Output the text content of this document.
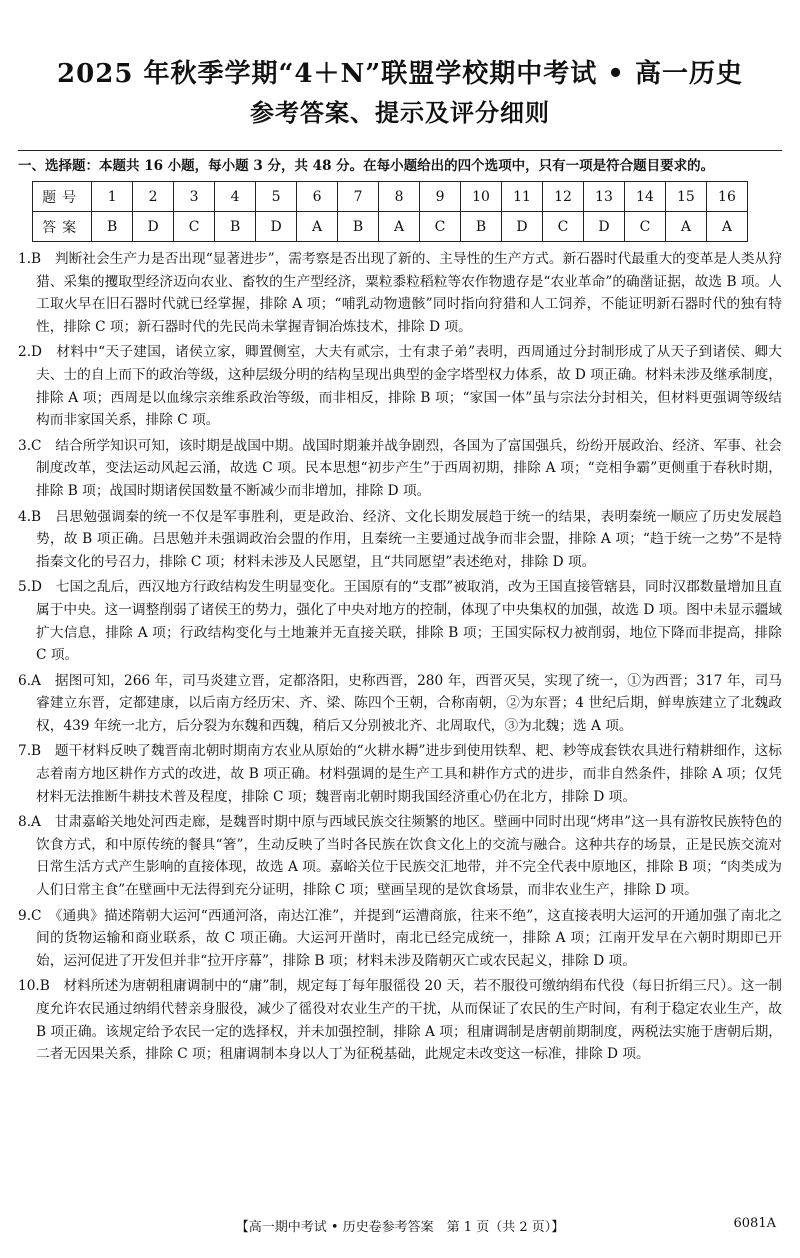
2025 年秋季学期“4＋N”联盟学校期中考试 • 高一历史
参考答案、提示及评分细则
一、选择题：本题共 16 小题，每小题 3 分，共 48 分。在每小题给出的四个选项中，只有一项是符合题目要求的。
题号	1	2	3	4	5	6	7	8	9	10	11	12	13	14	15	16
答案	B	D	C	B	D	A	B	A	C	B	D	C	D	C	A	A
1.B　 判断社会生产力是否出现“显著进步”，需考察是否出现了新的、主导性的生产方式。新石器时代最重大的变革是人类从狩猎、采集的攫取型经济迈向农业、畜牧的生产型经济，粟粒黍粒稻粒等农作物遗存是“农业革命”的确凿证据，故选 B 项。人工取火早在旧石器时代就已经掌握，排除 A 项；“哺乳动物遗骸”同时指向狩猎和人工饲养，不能证明新石器时代的独有特性，排除 C 项；新石器时代的先民尚未掌握青铜冶炼技术，排除 D 项。
2.D　 材料中“天子建国，诸侯立家，卿置侧室，大夫有贰宗，士有隶子弟”表明，西周通过分封制形成了从天子到诸侯、卿大夫、士的自上而下的政治等级，这种层级分明的结构呈现出典型的金字塔型权力体系，故 D 项正确。材料未涉及继承制度，排除 A 项；西周是以血缘宗亲维系政治等级，而非相反，排除 B 项；“家国一体”虽与宗法分封相关，但材料更强调等级结构而非家国关系，排除 C 项。
3.C　 结合所学知识可知，该时期是战国中期。战国时期兼并战争剧烈，各国为了富国强兵，纷纷开展政治、经济、军事、社会制度改革，变法运动风起云涌，故选 C 项。民本思想“初步产生”于西周初期，排除 A 项；“竞相争霸”更侧重于春秋时期，排除 B 项；战国时期诸侯国数量不断减少而非增加，排除 D 项。
4.B　 吕思勉强调秦的统一不仅是军事胜利，更是政治、经济、文化长期发展趋于统一的结果，表明秦统一顺应了历史发展趋势，故 B 项正确。吕思勉并未强调政治会盟的作用，且秦统一主要通过战争而非会盟，排除 A 项；“趋于统一之势”不是特指秦文化的号召力，排除 C 项；材料未涉及人民愿望，且“共同愿望”表述绝对，排除 D 项。
5.D　 七国之乱后，西汉地方行政结构发生明显变化。王国原有的“支郡”被取消，改为王国直接管辖县，同时汉郡数量增加且直属于中央。这一调整削弱了诸侯王的势力，强化了中央对地方的控制，体现了中央集权的加强，故选 D 项。图中未显示疆域扩大信息，排除 A 项；行政结构变化与土地兼并无直接关联，排除 B 项；王国实际权力被削弱，地位下降而非提高，排除 C 项。
6.A　 据图可知，266 年，司马炎建立晋，定都洛阳，史称西晋，280 年，西晋灭吴，实现了统一，①为西晋；317 年，司马睿建立东晋，定都建康，以后南方经历宋、齐、梁、陈四个王朝，合称南朝，②为东晋；4 世纪后期，鲜卑族建立了北魏政权，439 年统一北方，后分裂为东魏和西魏，稍后又分别被北齐、北周取代，③为北魏；选 A 项。
7.B　 题干材料反映了魏晋南北朝时期南方农业从原始的“火耕水耨”进步到使用铁犁、耙、耖等成套铁农具进行精耕细作，这标志着南方地区耕作方式的改进，故 B 项正确。材料强调的是生产工具和耕作方式的进步，而非自然条件，排除 A 项；仅凭材料无法推断牛耕技术普及程度，排除 C 项；魏晋南北朝时期我国经济重心仍在北方，排除 D 项。
8.A　 甘肃嘉峪关地处河西走廊，是魏晋时期中原与西域民族交往频繁的地区。壁画中同时出现“烤串”这一具有游牧民族特色的饮食方式，和中原传统的餐具“箸”，生动反映了当时各民族在饮食文化上的交流与融合。这种共存的场景，正是民族交流对日常生活方式产生影响的直接体现，故选 A 项。嘉峪关位于民族交汇地带，并不完全代表中原地区，排除 B 项；“肉类成为人们日常主食”在壁画中无法得到充分证明，排除 C 项；壁画呈现的是饮食场景，而非农业生产，排除 D 项。
9.C　 《通典》描述隋朝大运河“西通河洛，南达江淮”，并提到“运漕商旅，往来不绝”，这直接表明大运河的开通加强了南北之间的货物运输和商业联系，故 C 项正确。大运河开凿时，南北已经完成统一，排除 A 项；江南开发早在六朝时期即已开始，运河促进了开发但并非“拉开序幕”，排除 B 项；材料未涉及隋朝灭亡或农民起义，排除 D 项。
10.B　 材料所述为唐朝租庸调制中的“庸”制，规定每丁每年服徭役 20 天，若不服役可缴纳绢布代役（每日折绢三尺）。这一制度允许农民通过纳绢代替亲身服役，减少了徭役对农业生产的干扰，从而保证了农民的生产时间，有利于稳定农业生产，故 B 项正确。该规定给予农民一定的选择权，并未加强控制，排除 A 项；租庸调制是唐朝前期制度，两税法实施于唐朝后期，二者无因果关系，排除 C 项；租庸调制本身以人丁为征税基础，此规定未改变这一标准，排除 D 项。
【高一期中考试 • 历史卷参考答案　第 1 页（共 2 页）】	6081A
